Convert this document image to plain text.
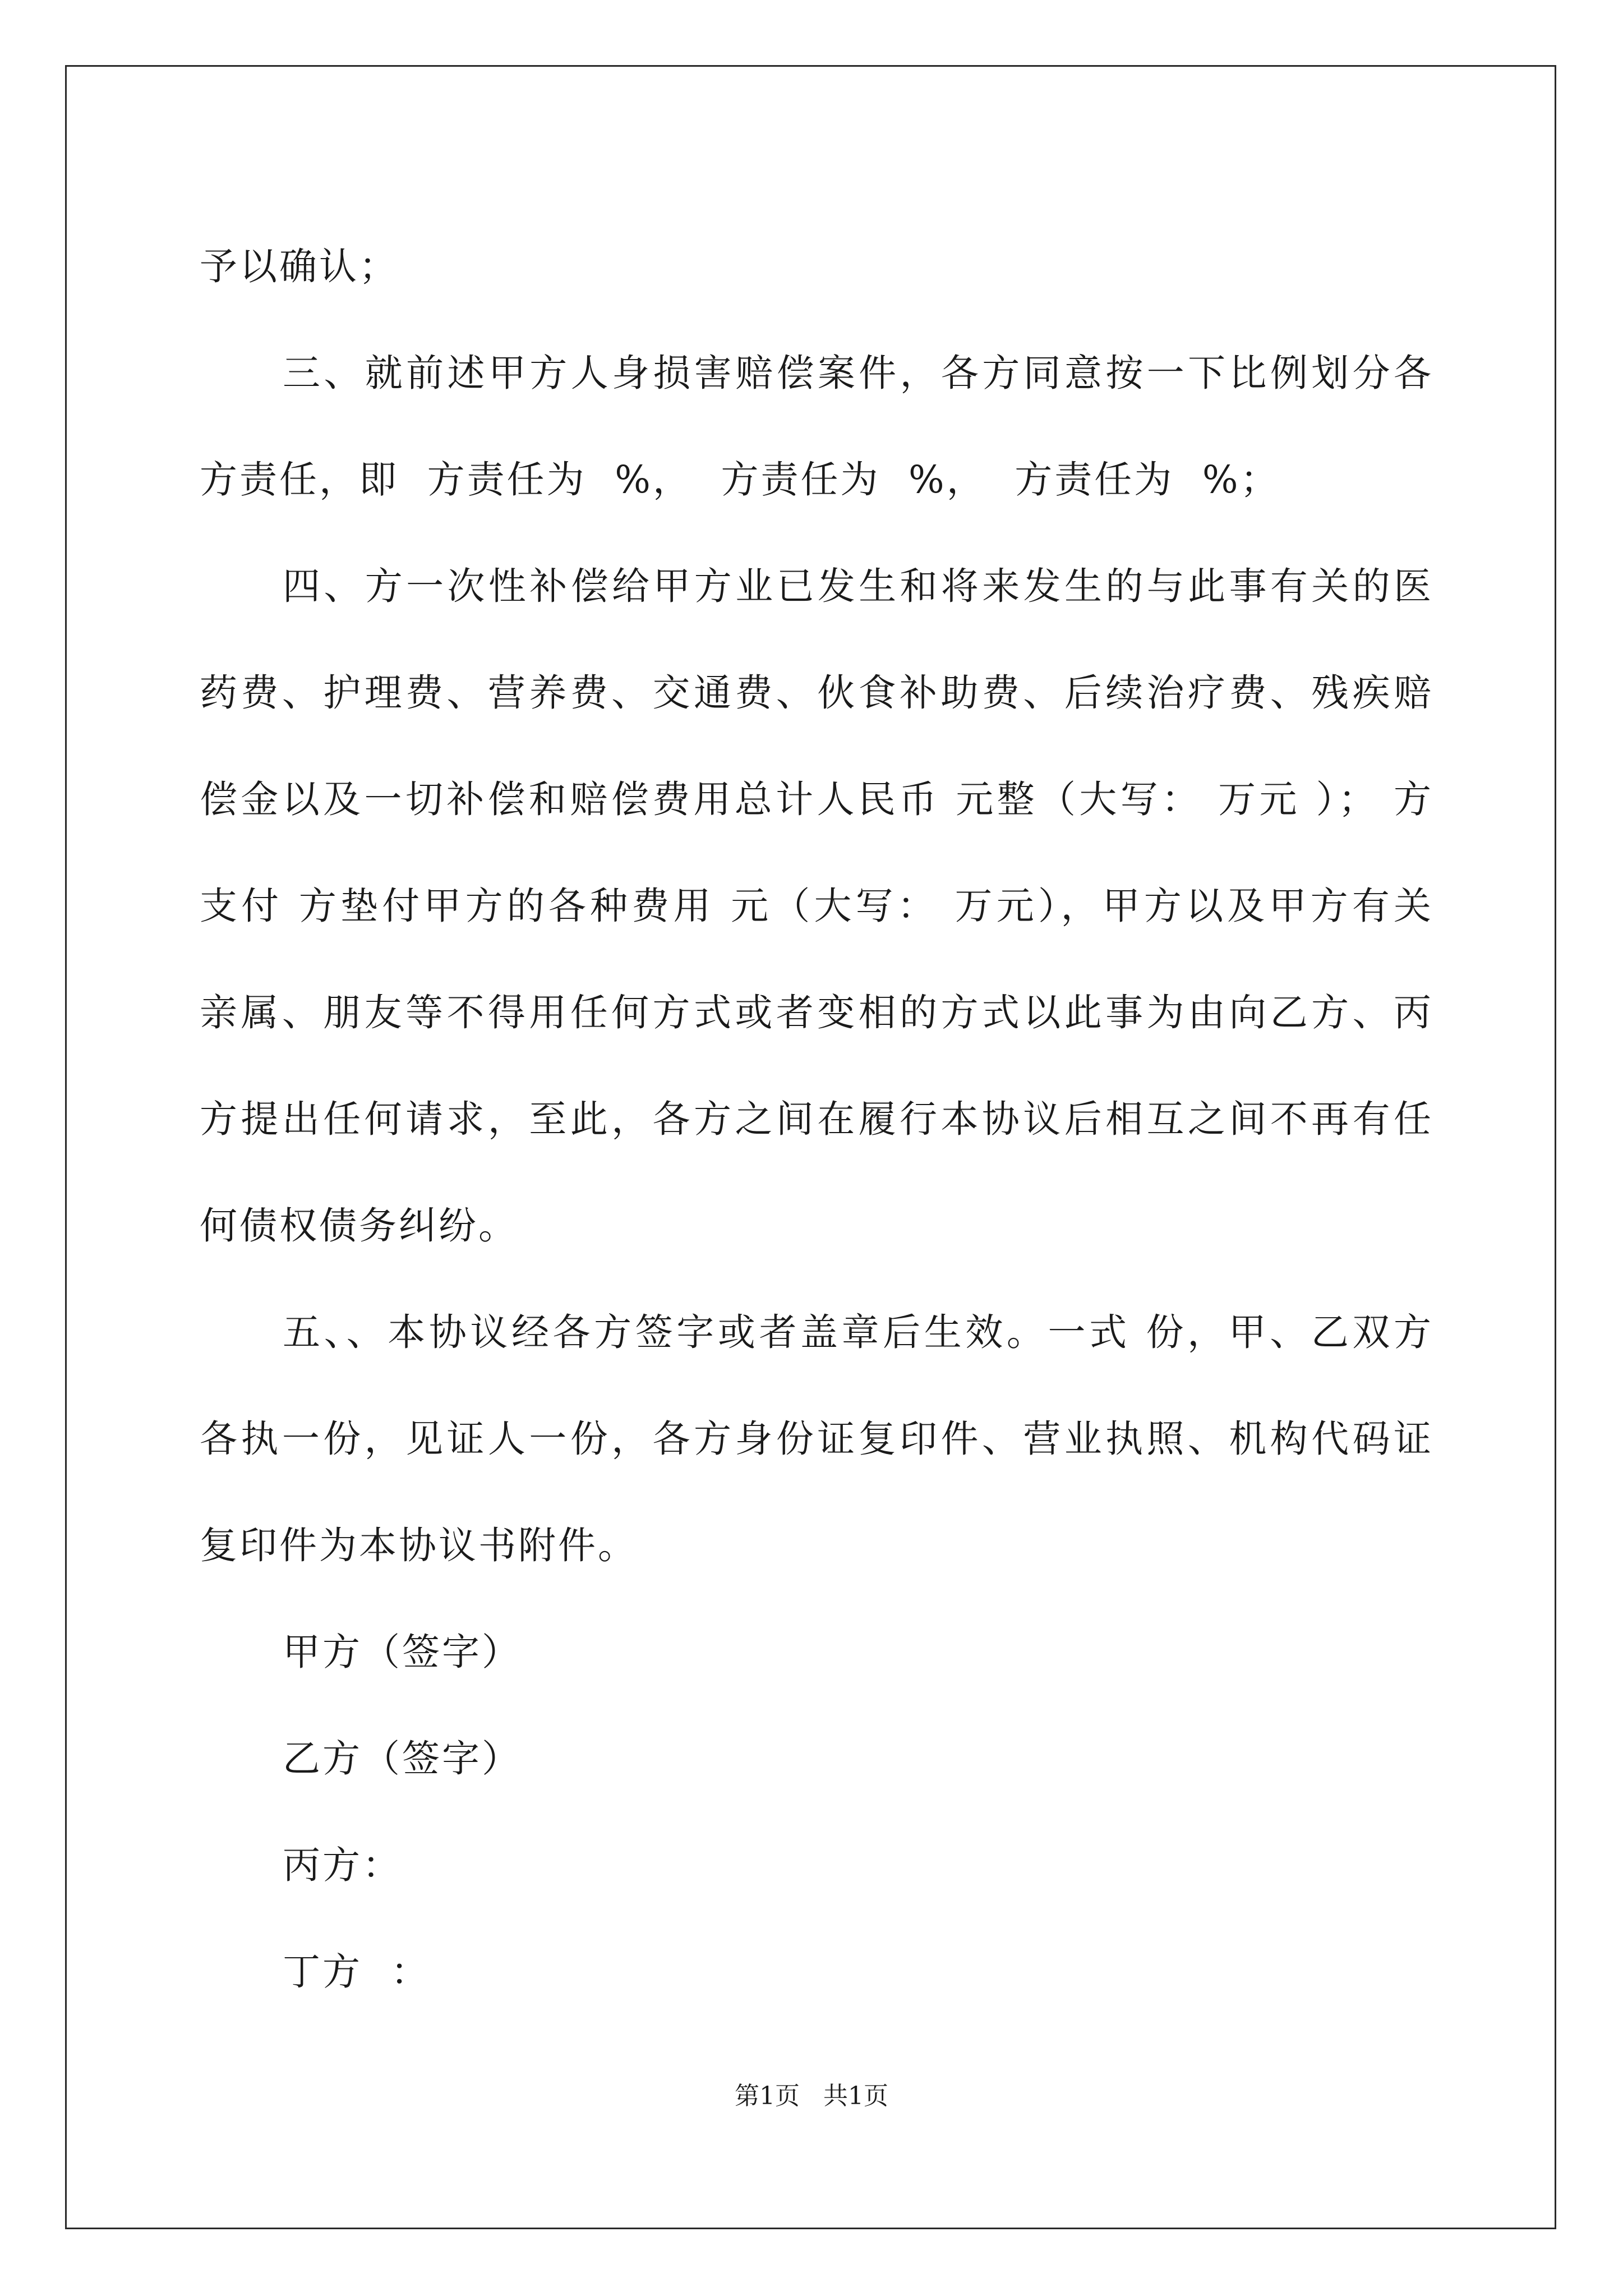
予以确认；
三、就前述甲方人身损害赔偿案件，各方同意按一下比例划分各
方责任，即  方责任为  %，  方责任为  %，  方责任为  %；
四、方一次性补偿给甲方业已发生和将来发生的与此事有关的医
药费、护理费、营养费、交通费、伙食补助费、后续治疗费、残疾赔
偿金以及一切补偿和赔偿费用总计人民币 元整（大写： 万元 ）； 方
支付 方垫付甲方的各种费用 元（大写： 万元），甲方以及甲方有关
亲属、朋友等不得用任何方式或者变相的方式以此事为由向乙方、丙
方提出任何请求，至此，各方之间在履行本协议后相互之间不再有任
何债权债务纠纷。
五、、本协议经各方签字或者盖章后生效。一式 份，甲、乙双方
各执一份，见证人一份，各方身份证复印件、营业执照、机构代码证
复印件为本协议书附件。
甲方（签字）
乙方（签字）
丙方：
丁方  ：
第1页   共1页
